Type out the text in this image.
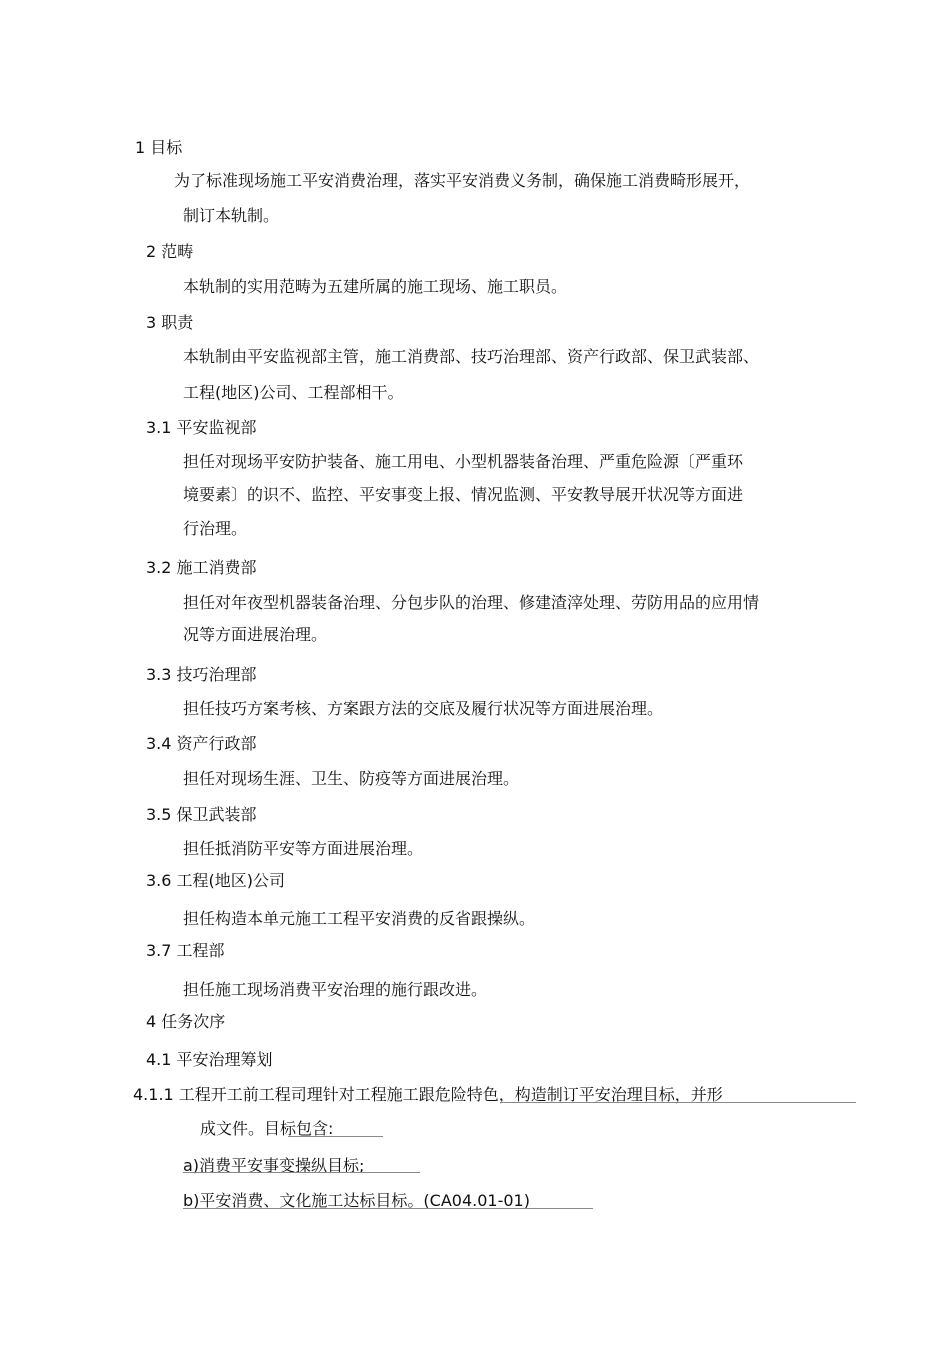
1 目标
为了标准现场施工平安消费治理，落实平安消费义务制，确保施工消费畸形展开，
制订本轨制。
2 范畴
本轨制的实用范畴为五建所属的施工现场、施工职员。
3 职责
本轨制由平安监视部主管，施工消费部、技巧治理部、资产行政部、保卫武装部、
工程(地区)公司、工程部相干。
3.1 平安监视部
担任对现场平安防护装备、施工用电、小型机器装备治理、严重危险源〔严重环
境要素〕的识不、监控、平安事变上报、情况监测、平安教导展开状况等方面进
行治理。
3.2 施工消费部
担任对年夜型机器装备治理、分包步队的治理、修建渣滓处理、劳防用品的应用情
况等方面进展治理。
3.3 技巧治理部
担任技巧方案考核、方案跟方法的交底及履行状况等方面进展治理。
3.4 资产行政部
担任对现场生涯、卫生、防疫等方面进展治理。
3.5 保卫武装部
担任抵消防平安等方面进展治理。
3.6 工程(地区)公司
担任构造本单元施工工程平安消费的反省跟操纵。
3.7 工程部
担任施工现场消费平安治理的施行跟改进。
4 任务次序
4.1 平安治理筹划
4.1.1 工程开工前工程司理针对工程施工跟危险特色，构造制订平安治理目标，并形
成文件。目标包含:
a)消费平安事变操纵目标;
b)平安消费、文化施工达标目标。(CA04.01-01)
